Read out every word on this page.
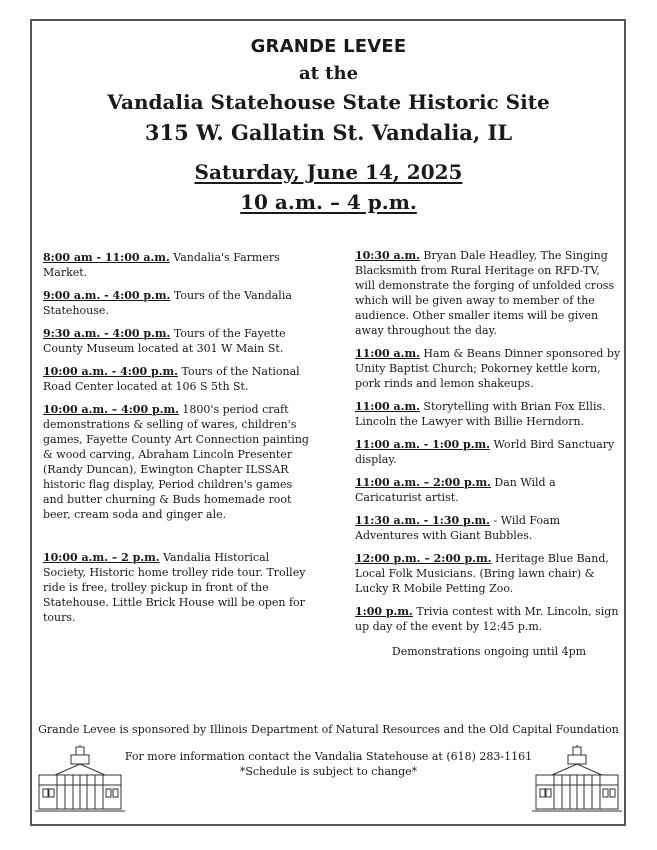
GRANDE LEVEE
at the
Vandalia Statehouse State Historic Site
315 W. Gallatin St. Vandalia, IL
Saturday, June 14, 2025
10 a.m. – 4 p.m.

8:00 am - 11:00 a.m. Vandalia's Farmers Market.

9:00 a.m. - 4:00 p.m. Tours of the Vandalia Statehouse.

9:30 a.m. - 4:00 p.m. Tours of the Fayette County Museum located at 301 W Main St.

10:00 a.m. - 4:00 p.m. Tours of the National Road Center located at 106 S 5th St.

10:00 a.m. – 4:00 p.m. 1800's period craft demonstrations & selling of wares, children's games, Fayette County Art Connection painting & wood carving, Abraham Lincoln Presenter (Randy Duncan), Ewington Chapter ILSSAR historic flag display, Period children's games and butter churning & Buds homemade root beer, cream soda and ginger ale.

10:00 a.m. – 2 p.m. Vandalia Historical Society, Historic home trolley ride tour. Trolley ride is free, trolley pickup in front of the Statehouse. Little Brick House will be open for tours.

10:30 a.m. Bryan Dale Headley, The Singing Blacksmith from Rural Heritage on RFD-TV, will demonstrate the forging of unfolded cross which will be given away to member of the audience. Other smaller items will be given away throughout the day.

11:00 a.m. Ham & Beans Dinner sponsored by Unity Baptist Church; Pokorney kettle korn, pork rinds and lemon shakeups.

11:00 a.m. Storytelling with Brian Fox Ellis. Lincoln the Lawyer with Billie Herndorn.

11:00 a.m. - 1:00 p.m. World Bird Sanctuary display.

11:00 a.m. – 2:00 p.m. Dan Wild a Caricaturist artist.

11:30 a.m. - 1:30 p.m. - Wild Foam Adventures with Giant Bubbles.

12:00 p.m. – 2:00 p.m. Heritage Blue Band, Local Folk Musicians. (Bring lawn chair) & Lucky R Mobile Petting Zoo.

1:00 p.m. Trivia contest with Mr. Lincoln, sign up day of the event by 12:45 p.m.

Demonstrations ongoing until 4pm
Grande Levee is sponsored by Illinois Department of Natural Resources and the Old Capital Foundation
For more information contact the Vandalia Statehouse at (618) 283-1161
*Schedule is subject to change*
